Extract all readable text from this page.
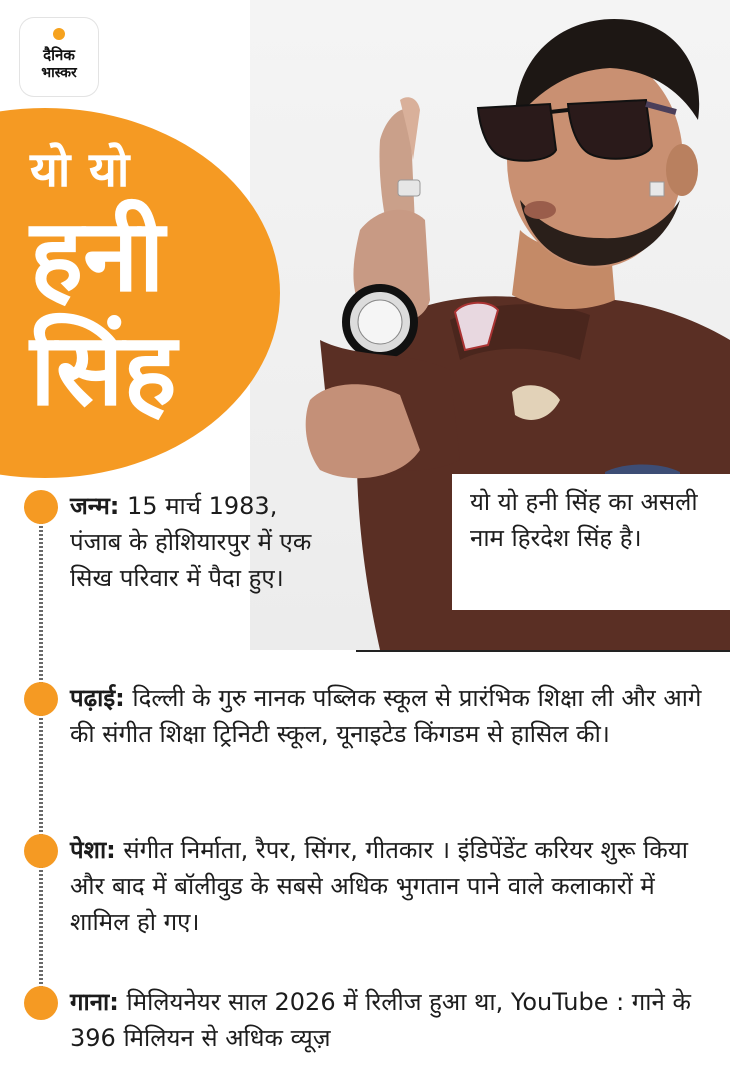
दैनिक
भास्कर
यो यो
हनी
सिंह
यो यो हनी सिंह का असली नाम हिरदेश सिंह है।
जन्म: 15 मार्च 1983, पंजाब के होशियारपुर में एक सिख परिवार में पैदा हुए।
पढ़ाई: दिल्ली के गुरु नानक पब्लिक स्कूल से प्रारंभिक शिक्षा ली और आगे की संगीत शिक्षा ट्रिनिटी स्कूल, यूनाइटेड किंगडम से हासिल की।
पेशा: संगीत निर्माता, रैपर, सिंगर, गीतकार । इंडिपेंडेंट करियर शुरू किया और बाद में बॉलीवुड के सबसे अधिक भुगतान पाने वाले कलाकारों में शामिल हो गए।
गाना: मिलियनेयर साल 2026 में रिलीज हुआ था, YouTube : गाने के 396 मिलियन से अधिक व्यूज़
